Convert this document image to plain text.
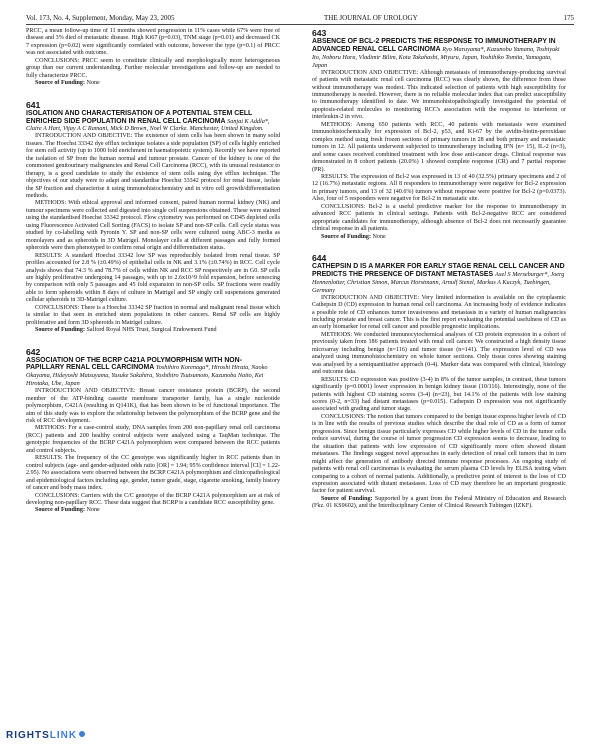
Vol. 173, No. 4, Supplement, Monday, May 23, 2005	THE JOURNAL OF UROLOGY	175

PRCC, a mean follow-up time of 11 months showed progression in 11% cases while 67% were free of disease and 3% died of metastatic disease. High Ki67 (p=0.03), TNM stage (p=0.01) and decreased CK 7 expression (p=0.02) were significantly correlated with outcome, however the type (p=0.1) of PRCC was not associated with outcome.

CONCLUSIONS: PRCC seem to constitute clinically and morphologically more heterogeneous group than our current understanding. Further molecular investigations and follow-up are needed to fully characterize PRCC.

Source of Funding: None

641
ISOLATION AND CHARACTERISATION OF A POTENTIAL STEM CELL ENRICHED SIDE POPULATION IN RENAL CELL CARCINOMA Sanjai K Addla*, Claire A Hart, Vijay A C Ramani, Mick D Brown, Noel W Clarke. Manchester, United Kingdom.

INTRODUCTION AND OBJECTIVE: The existence of stem cells has been shown in many solid tissues. The Hoechst 33342 dye efflux technique isolates a side population (SP) of cells highly enriched for stem cell activity (up to 1000 fold enrichment in haematopoietic system). Recently we have reported the isolation of SP from the human normal and tumour prostate. Cancer of the kidney is one of the commonest genitourinary malignancies and Renal Cell Carcinoma (RCC), with its unusual resistance to therapy, is a good candidate to study the existence of stem cells using dye efflux technique. The objectives of our study were to adapt and standardise Hoechst 33342 protocol for renal tissue, isolate the SP fraction and characterise it using immunohistochemistry and in vitro cell growth/differentiation methods.

METHODS: With ethical approval and informed consent, paired human normal kidney (NK) and tumour specimens were collected and digested into single cell suspensions obtained. These were stained using the standardised Hoechst 33342 protocol. Flow cytometry was performed on CD45 depleted cells using Fluorescence Activated Cell Sorting (FACS) to isolate SP and non-SP cells. Cell cycle status was studied by co-labelling with Pyronin Y. SP and non-SP cells were cultured using ABC-3 media as monolayers and as spheroids in 3D Matrigel. Monolayer cells at different passages and fully formed spheroids were then phenotyped to confirm renal origin and differentiation status.

RESULTS: A standard Hoechst 33342 low SP was reproducibly isolated from renal tissue. SP profiles accounted for 2.8 % (±0.49%) of epithelial cells in NK and 3.1% (±0.74%) in RCC. Cell cycle analysis shows that 74.3 % and 78.7% of cells within NK and RCC SP respectively are in G0. SP cells are highly proliferative undergoing 14 passages, with up to 2.6x10^9 fold expansion, before senescing by comparison with only 5 passages and 45 fold expansion in non-SP cells. SP fractions were readily able to form spheroids within 8 days of culture in Matrigel and SP singly cell suspensions generated cellular spheroids in 3D-Matrigel culture.

CONCLUSIONS: There is a Hoechst 33342 SP fraction in normal and malignant renal tissue which is similar to that seen in enriched stem populations in other cancers. Renal SP cells are highly proliferative and form 3D spheroids in Matrigel culture.

Source of Funding: Salford Royal NHS Trust, Surgical Endowment Fund

642
ASSOCIATION OF THE BCRP C421A POLYMORPHISM WITH NON-PAPILLARY RENAL CELL CARCINOMA Yoshihiro Korenaga*, Hiroshi Hirata, Naoko Okayama, Hideyoshi Matsuyama, Yusuke Sakahira, Yoshihiro Tsutsumoto, Kazunobu Naito, Kei Hirotaka, Ube, Japan

INTRODUCTION AND OBJECTIVE: Breast cancer resistance protein (BCRP), the second member of the ATP-binding cassette membrane transporter family, has a single nucleotide polymorphism, C421A (resulting in Q141K), that has been shown to be of functional importance. The aim of this study was to explore the relationship between the polymorphism of the BCRP gene and the risk of RCC development.

METHODS: For a case-control study, DNA samples from 200 non-papillary renal cell carcinoma (RCC) patients and 200 healthy control subjects were analyzed using a TaqMan technique. The genotypic frequencies of the BCRP C421A polymorphism were compared between the RCC patients and control subjects.

RESULTS: The frequency of the CC genotype was significantly higher in RCC patients than in control subjects (age- and gender-adjusted odds ratio [OR] = 1.94; 95% confidence interval [CI] = 1.22-2.95). No associations were observed between the BCRP C421A polymorphism and clinicopathological and epidemiological factors including age, gender, tumor grade, stage, cigarette smoking, family history of cancer and body mass index.

CONCLUSIONS: Carriers with the C/C genotype of the BCRP C421A polymorphism are at risk of developing non-papillary RCC. These data suggest that BCRP is a candidate RCC susceptibility gene.

Source of Funding: None

643
ABSENCE OF BCL-2 PREDICTS THE RESPONSE TO IMMUNOTHERAPY IN ADVANCED RENAL CELL CARCINOMA Ryo Maruyama*, Kazunobu Yamana, Toshiyuki Ito, Noboru Hara, Vladimir Bilim, Kota Takahashi, Miyuru, Japan, Yoshihiko Tomita, Yamagata, Japan

INTRODUCTION AND OBJECTIVE: Although metastasis of immunotherapy-producing survival of patients with metastatic renal cell carcinoma (RCC) was clearly shown, the difference from those without immunotherapy was modest. This indicated selection of patients with high susceptibility for immunotherapy is needed. However, there is no reliable molecular index that can predict susceptibility to immunotherapy identified to date. We immunohistopathologically investigated the potential of apoptosis-related molecules to monitoring RCC's association with the response to interferon or interleukin-2 in vivo.

METHODS: Among 650 patients with RCC, 40 patients with metastasis were examined immunohistochemically for expression of Bcl-2, p53, and Ki-67 by the avidin-biotin-peroxidase complex method using fresh frozen sections of primary tumors in 28 and both primary and metastatic tumors in 12. All patients underwent subjected to immunotherapy including IFN (n= 15), IL-2 (n=3), and some cases received combined treatment with low dose anti-cancer drugs. Clinical response was demonstrated in 8 cohort patients (20.0%) 1 showed complete response (CR) and 7 partial response (PR).

RESULTS: The expression of Bcl-2 was expressed in 13 of 40 (32.5%) primary specimens and 2 of 12 (16.7%) metastatic regions. All 8 responders to immunotherapy were negative for Bcl-2 expression in primary tumors, and 13 of 32 (40.6%) tumors without response were positive for Bcl-2 (p=0.0373). Also, four of 5 responders were negative for Bcl-2 in metastatic site.

CONCLUSIONS: Bcl-2 is a useful predictive marker for the response to immunotherapy in advanced RCC patients in clinical settings. Patients with Bcl-2-negative RCC are considered appropriate candidates for immunotherapy, although absence of Bcl-2 does not necessarily guarantee clinical response in all patients.

Source of Funding: None

644
CATHEPSIN D IS A MARKER FOR EARLY STAGE RENAL CELL CANCER AND PREDICTS THE PRESENCE OF DISTANT METASTASES Axel S Merseburger*, Joerg Hennenlotter, Christian Simon, Marcus Horstmann, Arnulf Stenzl, Markus A Kuczyk, Tuebingen, Germany

INTRODUCTION AND OBJECTIVE: Very limited information is available on the cytoplasmic Cathepsin D (CD) expression in human renal cell carcinoma. An increasing body of evidence indicates a possible role of CD enhances tumor invasiveness and metastasis in a variety of human malignancies including prostate and breast cancer. This is the first report evaluating the potential usefulness of CD as an early biomarker for renal cell cancer and possible prognostic implications.

METHODS: We conducted immunocytochemical analyses of CD protein expression in a cohort of previously taken from 186 patients treated with renal cell cancer. We constructed a high density tissue microarray including benign (n=116) and tumor tissue (n=141). The expression level of CD was analyzed using immunohistochemistry on whole tumor sections. Only tissue cores showing staining was analysed by a semiquantitative approach (0-4). Marker data was compared with clinical, histology and outcome data.

RESULTS: CD expression was positive (3-4) in 8% of the tumor samples, in contrast, these tumors significantly (p=0.0001) lower expression in benign kidney tissue (10/116). Interestingly, none of the patients with highest CD staining scores (3-4) (n=23), but 14.1% of the patients with low staining scores (0-2, n=33) had distant metastases (p=0.015). Cathepsin D expression was not significantly associated with grading and tumor stage.

CONCLUSIONS: The notion that tumors compared to the benign tissue express higher levels of CD is in line with the results of previous studies which describe the dual role of CD as a form of tumor progression. Since benign tissue particularly expresses CD while higher levels of CD in the tumor cells reduce survival, during the course of tumor progression CD expression seems to decrease, leading to the situation that patients with low expression of CD significantly more often showed distant metastases. The findings suggest novel approaches in early detection of renal cell tumors that in turn might affect the generation of antibody directed immune response processes. An ongoing study of patients with renal cell carcinomas is evaluating the serum plasma CD levels by ELISA testing when comparing to a cohort of normal patients. Additionally, a predictive point of interest is the loss of CD expression associated with distant metastases. Loss of CD may therefore be an important prognostic factor for patient survival.

Source of Funding: Supported by a grant from the Federal Ministry of Education and Research (Fkz. 01 KS9602), and the Interdisciplinary Center of Clinical Research Tubingen (IZKF).

RIGHTSLINK
